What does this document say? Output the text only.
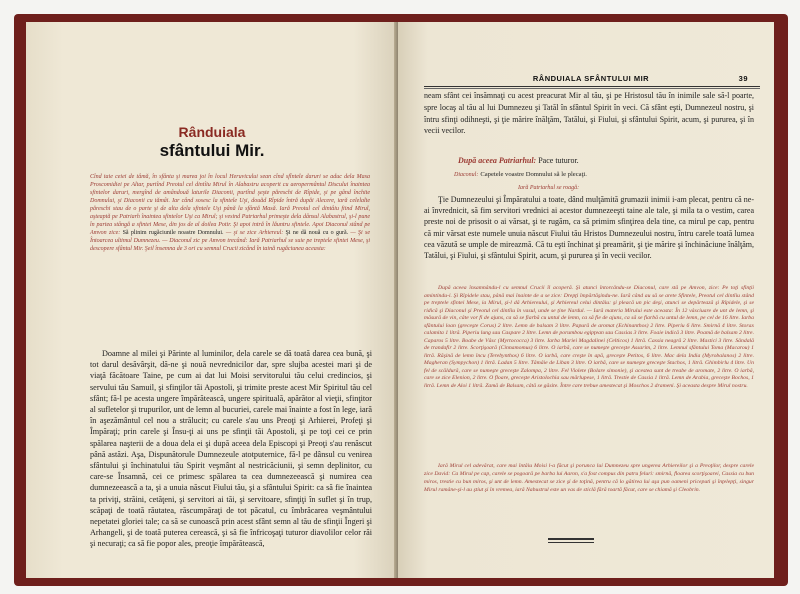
Rânduiala
sfântului Mir.
Cînd taie ceiei de tâmă, în sfânta şi marea joi în locul Heruvicului sean cînd sfîntele daruri se aduc dela Masa Proscomidiei pe Altar, purtînd Preotul cel dintîiu Mirul în Alabastru acoperit cu aeropermântul Discului înaintea sfintelor daruri, mergînd de amândouă laturile Diaconii, purtînd şeşte păreschi de Rîpide, şi pe gând închite Domnului, şi Diaconii cu tămâi. Iar când sosesc la sfintele Uşi, douăd Rîpide întră dupăi Alecere, iară celelalte păreschi stau de o parte şi de alta dela sfintele Uşi până la sfântă Masă. Iară Preotul cel dintâiu fiind Mirul, aşteaptă pe Patriarh înaintea sfintelor Uşi ca Mirul; şi vesind Patriarhul primeşte dela dânsul Alabastrul, şi-l pune în partea stângă a sfintei Mese, din jos de al doilea Potir. Şi apoi intră în lăuntru sfintele. Apoi Diaconul stând pe Amvon zice: Să plinim rugăciunile noastre Domnului. — şi se zice Arhiereul: Şi ne dă nouă cu o gură. — Şi se Întoarcea ultimul Dumnezeu. — Diaconul zic pe Amvon trecând: Iară Patriarhul se suie pe treptele sfintei Mese, şi descopere sfântul Mir. Şeil însemna de 3 ori cu semnul Crucii zicând în taină rugăciunea aceasta:
Doamne al milei şi Părinte al luminilor, dela carele se dă toată darea cea bună, şi tot darul desăvârşit, dă-ne şi nouă nevrednicilor dar, spre slujba acestei mari şi de viaţă făcătoare Taine, pe cum ai dat lui Moisi servitorului tău celui credincios, şi servului tău Samuil, şi sfinţilor tăi Apostoli, şi trimite preste acest Mir Spiritul tău cel sfânt; fă-l pe acesta ungere împărătească, ungere spirituală, apărător al vieţii, sfinţitor al sufletelor şi trupurilor, unt de lemn al bucuriei, carele mai înainte a fost în lege, iară în aşezământul cel nou a strălucit; cu carele s'au uns Preoţi şi Arhierei, Profeţi şi Împăraţi; prin carele şi Însu-ţi ai uns pe sfinţii tăi Apostoli, şi pe toţi cei ce prin spălarea naşterii de a doua dela ei şi după aceea dela Episcopi şi Preoţi s'au renăscut până astăzi. Aşa, Dispunătorule Dumnezeule atotputernice, fă-l pe dânsul cu venirea sfântului şi închinatului tău Spirit veşmânt al nestricăciunii, şi semn deplinitor, cu care-se Însamnă, cei ce primesc spălarea ta cea dumnezeească şi numirea cea dumnezeească a ta, şi a unuia născut Fiului tău, şi a sfântului Spirit: ca să fie înaintea ta priviţi, străini, cetăţeni, şi servitori ai tăi, şi servitoare, sfinţiţi în suflet şi în trup, scăpaţi de toată răutatea, răscumpăraţi de tot păcatul, cu îmbrăcarea veşmântului nepetatei gloriei tale; ca să se cunoască prin acest sfânt semn al tău de sfinţii Îngeri şi Arhangeli, şi de toată puterea cerească, şi să fie înfricoşaţi tuturor diavolilor celor răi şi necuraţi; ca să fie popor ales, preoţie împărătească,
RÂNDUIALA SFÂNTULUI MIR	39
neam sfânt cei însămnaţi cu acest preacurat Mir al tău, şi pe Hristosul tău în inimile sale să-l poarte, spre locaş al tău al lui Dumnezeu şi Tatăl în sfântul Spirit în veci. Că sfânt eşti, Dumnezeul nostru, şi întru sfinţi odihneşti, şi ţie mărire înălţăm, Tatălui, şi Fiului, şi sfântului Spirit, acum, şi pururea, şi în vecii vecilor.
După aceea Patriarhul: Pace tuturor.
Diaconul: Capetele voastre Domnului să le plecaţi.
Iară Patriarhul se roagă:
Ţie Dumnezeului şi Împăratului a toate, dând mulţămită grumazii inimii i-am plecat, pentru că ne-ai învrednicit, să fim servitori vrednici ai acestor dumnezeeşti taine ale tale, şi mila ta o vestim, carea preste noi de prisosit o ai vărsat, şi te rugăm, ca să primim sfinţirea dela tine, ca mirul pe cap, pentru că mir vărsat este numele unuia născut Fiului tău Hristos Dumnezeului nostru, întru carele toată lumea cea văzută se umple de mireazmă. Că tu eşti închinat şi preamărit, şi ţie mărire şi închinăciune înălţăm, Tatălui, şi Fiului, şi sfântului Spirit, acum, şi pururea şi în vecii vecilor.
După aceea însamnându-l cu semnul Crucii îl acoperă. Şi atunci întorcându-se Diaconul, care stă pe Amvon, zice: Pe toţi sfinţii amintindu-i. Şi Rîpidele stau, până mai înainte de a se zice: Drepţi împărtăşindu-ne. Iară când au să se arete Sfintele, Preotul cel dintîiu stând pe treptele sfintei Mese, ia Mirul, şi-l dă Arhiereului, şi Arhiereul celui dintâiu: şi pleacă un pic deşi, atunci se depărtează şi Rîpidele, şi se ridică şi Diaconul şi Preotul cel dintîiu în vasul, unde se ține Nardul. — Iară materia Mirului este aceasta: În 12 vâsciuare de unt de lemn, şi măsură de vin, câte vor fi de ajuns, ca să se fiarbă cu untul de lemn, ca să fie de ajuns, ca să se fiarbă cu untul de lemn, pe cel de 16 litre. Iarba sfântului loan (greceşte Corus) 2 litre. Lemn de balsam 3 litre. Papură de aromat (Echinanthos) 2 litre. Piperiu 6 litre. Smirnă 4 litre. Storax calamita 1 litră. Piperiu lung sau Caspare 2 litre. Lemn de porumbou egipţean sau Cassias 3 litre. Foaie indică 3 litre. Poamă de balsam 2 litre. Caparos 5 litre. Boabe de Vâsc (Myrtococca) 3 litre. Iarba Mariei Magdalinei (Celticos) 1 litră. Cassia neagră 2 litre. Mastici 3 litre. Sândală de trandafir 2 litre. Scorţişoară (Cinnamomus) 6 litre. O iarbă, care se numeşte greceşte Assarim, 2 litre. Lemnul sfântului Toma (Macarou) 1 litră. Răşină de lemn încu (Terebynthos) 6 litre. O iarbă, care creşte în apă, greceşte Petitos, 6 litre. Mac dela India (Myrobalanos) 2 litre. Magheran (Sympychon) 1 litră. Ladan 5 litre. Tâmâie de Liban 3 litre. O iarbă, care se numeşte greceşte Stachos, 1 litră. Ghimbirlu 4 litre. Un fel de scăldură, care se numeşte greceşte Zalompa, 2 litre. Fel Violete (Bolare simonie), şi acestea sunt de treabe de aromate, 2 litre. O iarbă, care se zice Elenion, 2 litre. O floare, greceşte Aristolochia sau mărlupese, 1 litră. Trestie de Cassia 1 litră. Lemn de Arabia, greceşte Bochos, 1 litră. Lemn de Aloi 1 litră. Zamă de Balsam, câtă se găsite. Între care trebue amestecat şi Moschos 2 drameni. Şi aceasta despre Mirul nostru.
Iară Mirul cel adevărat, care mai întâiu Moisi l-a făcut şi porunca lui Dumnezeu spre ungerea Arhiereilor şi a Preoţilor, despre carele zice David: Ca Mirul pe cap, carele se pogoară pe barba lui Aaron, s'a fost compus din patru feluri: smirnă, floarea scorţişoarei, Cassia cu bun miros, trestie cu bun miros, şi unt de lemn. Amestecat se zice şi de toţină, pentru că lo gătirea lui aşa pun oameni priceputi şi înţelepţi, singur Mirul ramâne-şi-l au ştiut şi în vremea, iară Nabustrul este un vas de sticlă fără toartă făcut, care se chiamă şi Cleobrin.
